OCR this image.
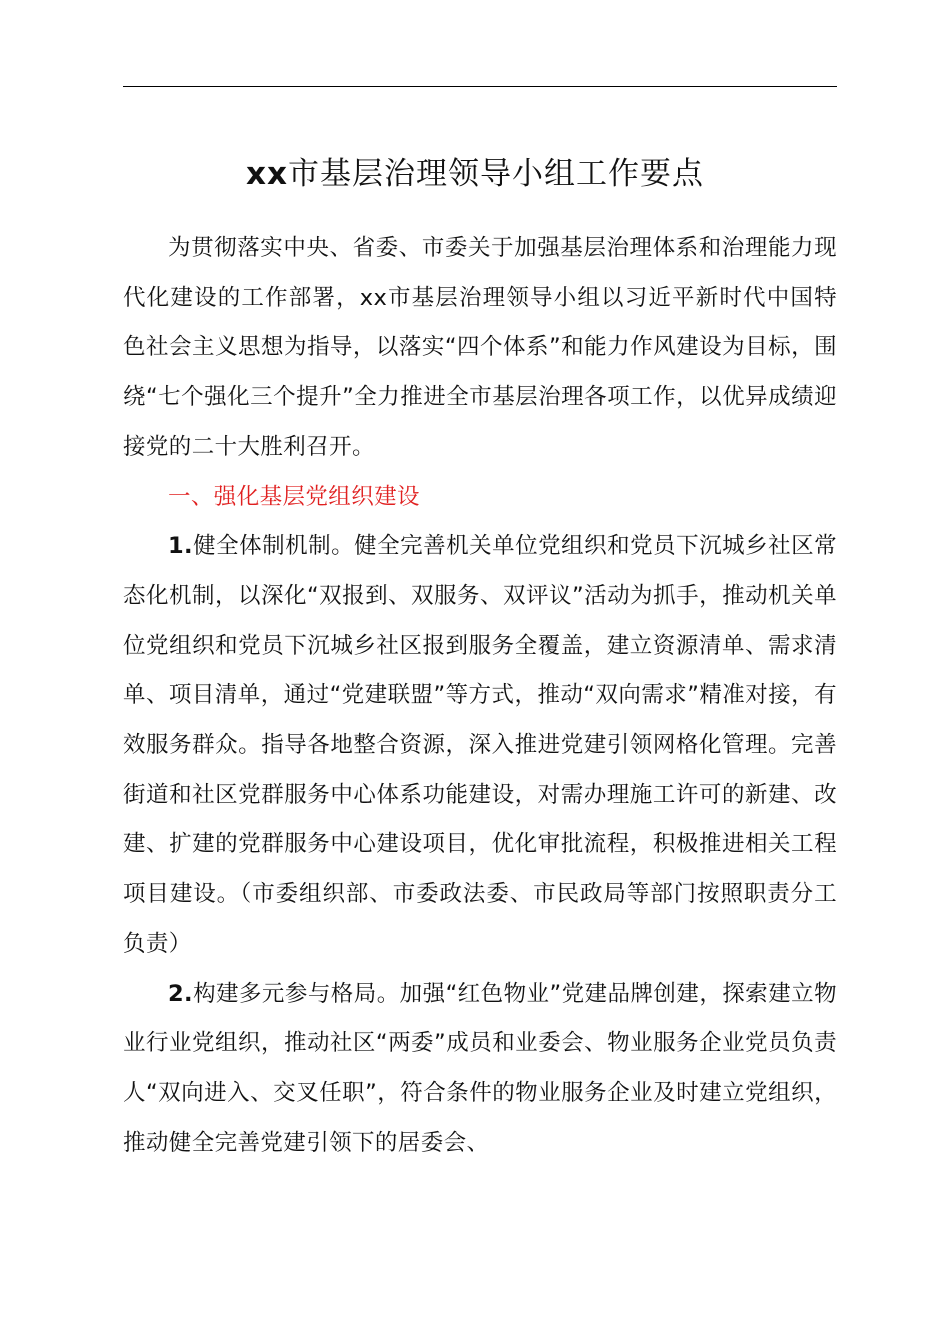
xx市基层治理领导小组工作要点

为贯彻落实中央、省委、市委关于加强基层治理体系和治理能力现代化建设的工作部署，xx市基层治理领导小组以习近平新时代中国特色社会主义思想为指导，以落实“四个体系”和能力作风建设为目标，围绕“七个强化三个提升”全力推进全市基层治理各项工作，以优异成绩迎接党的二十大胜利召开。

一、强化基层党组织建设

1.健全体制机制。健全完善机关单位党组织和党员下沉城乡社区常态化机制，以深化“双报到、双服务、双评议”活动为抓手，推动机关单位党组织和党员下沉城乡社区报到服务全覆盖，建立资源清单、需求清单、项目清单，通过“党建联盟”等方式，推动“双向需求”精准对接，有效服务群众。指导各地整合资源，深入推进党建引领网格化管理。完善街道和社区党群服务中心体系功能建设，对需办理施工许可的新建、改建、扩建的党群服务中心建设项目，优化审批流程，积极推进相关工程项目建设。（市委组织部、市委政法委、市民政局等部门按照职责分工负责）

2.构建多元参与格局。加强“红色物业”党建品牌创建，探索建立物业行业党组织，推动社区“两委”成员和业委会、物业服务企业党员负责人“双向进入、交叉任职”，符合条件的物业服务企业及时建立党组织，推动健全完善党建引领下的居委会、
